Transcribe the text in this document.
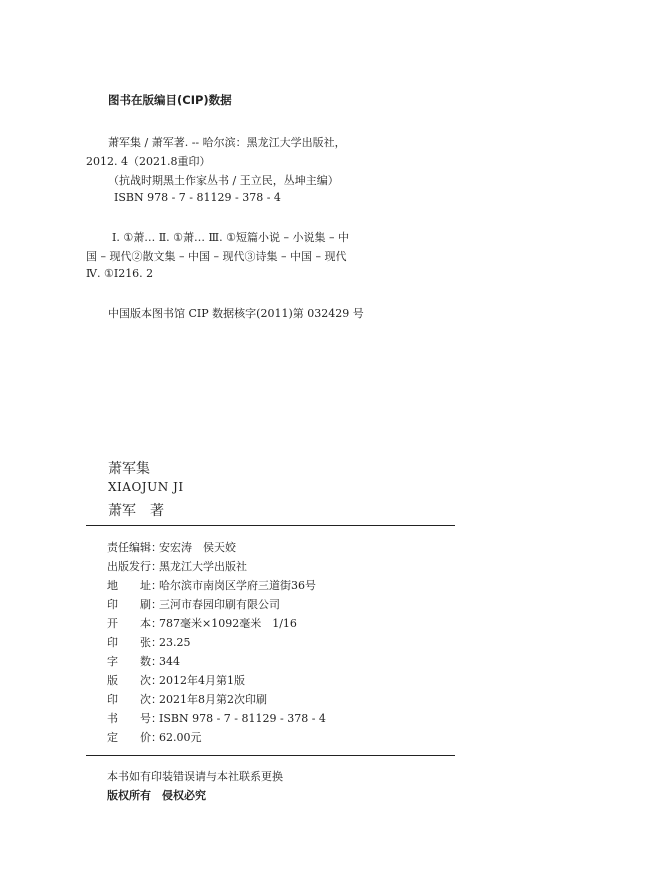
图书在版编目(CIP)数据
萧军集 / 萧军著. -- 哈尔滨：黑龙江大学出版社，
2012. 4（2021.8重印）
（抗战时期黑土作家丛书 / 王立民，丛坤主编）
ISBN 978 - 7 - 81129 - 378 - 4
Ⅰ. ①萧… Ⅱ. ①萧… Ⅲ. ①短篇小说 – 小说集 – 中
国 – 现代②散文集 – 中国 – 现代③诗集 – 中国 – 现代
Ⅳ. ①I216. 2
中国版本图书馆 CIP 数据核字(2011)第 032429 号
萧军集
XIAOJUN JI
萧军　著
责任编辑：安宏涛　侯天姣
出版发行：黑龙江大学出版社
地　　址：哈尔滨市南岗区学府三道街36号
印　　刷：三河市春园印刷有限公司
开　　本：787毫米×1092毫米　1/16
印　　张：23.25
字　　数：344
版　　次：2012年4月第1版
印　　次：2021年8月第2次印刷
书　　号：ISBN 978 - 7 - 81129 - 378 - 4
定　　价：62.00元
本书如有印装错误请与本社联系更换
版权所有　侵权必究
